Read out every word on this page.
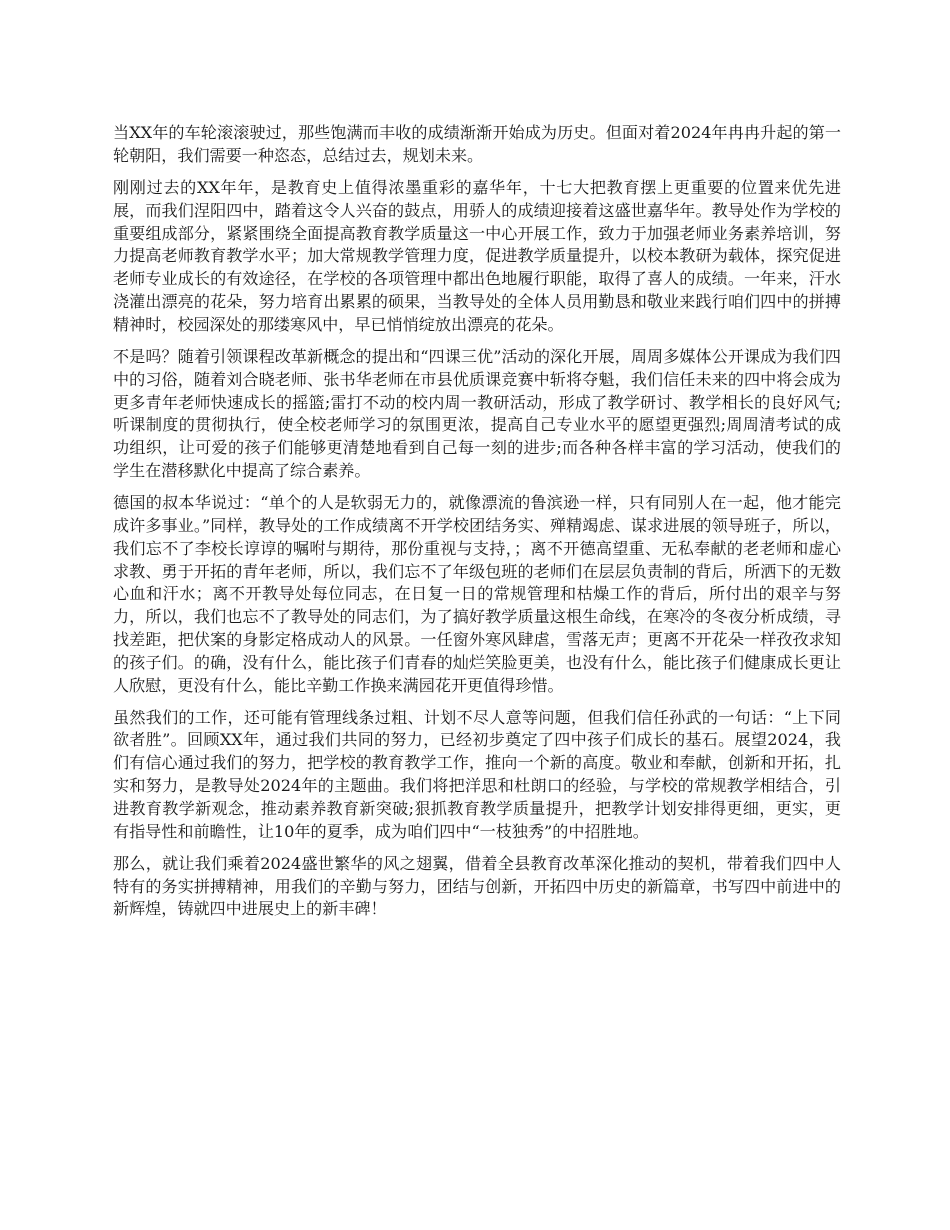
当XX年的车轮滚滚驶过，那些饱满而丰收的成绩渐渐开始成为历史。但面对着2024年冉冉升起的第一轮朝阳，我们需要一种恣态，总结过去，规划未来。

刚刚过去的XX年年，是教育史上值得浓墨重彩的嘉华年，十七大把教育摆上更重要的位置来优先进展，而我们涅阳四中，踏着这令人兴奋的鼓点，用骄人的成绩迎接着这盛世嘉华年。教导处作为学校的重要组成部分，紧紧围绕全面提高教育教学质量这一中心开展工作，致力于加强老师业务素养培训，努力提高老师教育教学水平；加大常规教学管理力度，促进教学质量提升，以校本教研为载体，探究促进老师专业成长的有效途径，在学校的各项管理中都出色地履行职能，取得了喜人的成绩。一年来，汗水浇灌出漂亮的花朵，努力培育出累累的硕果，当教导处的全体人员用勤恳和敬业来践行咱们四中的拼搏精神时，校园深处的那缕寒风中，早已悄悄绽放出漂亮的花朵。

不是吗？随着引领课程改革新概念的提出和“四课三优”活动的深化开展，周周多媒体公开课成为我们四中的习俗，随着刘合晓老师、张书华老师在市县优质课竞赛中斩将夺魁，我们信任未来的四中将会成为更多青年老师快速成长的摇篮;雷打不动的校内周一教研活动，形成了教学研讨、教学相长的良好风气;听课制度的贯彻执行，使全校老师学习的氛围更浓，提高自己专业水平的愿望更强烈;周周清考试的成功组织，让可爱的孩子们能够更清楚地看到自己每一刻的进步;而各种各样丰富的学习活动，使我们的学生在潜移默化中提高了综合素养。

德国的叔本华说过：“单个的人是软弱无力的，就像漂流的鲁滨逊一样，只有同别人在一起，他才能完成许多事业。”同样，教导处的工作成绩离不开学校团结务实、殚精竭虑、谋求进展的领导班子，所以，我们忘不了李校长谆谆的嘱咐与期待，那份重视与支持，；离不开德高望重、无私奉献的老老师和虚心求教、勇于开拓的青年老师，所以，我们忘不了年级包班的老师们在层层负责制的背后，所洒下的无数心血和汗水；离不开教导处每位同志，在日复一日的常规管理和枯燥工作的背后，所付出的艰辛与努力，所以，我们也忘不了教导处的同志们，为了搞好教学质量这根生命线，在寒冷的冬夜分析成绩，寻找差距，把伏案的身影定格成动人的风景。一任窗外寒风肆虐，雪落无声；更离不开花朵一样孜孜求知的孩子们。的确，没有什么，能比孩子们青春的灿烂笑脸更美，也没有什么，能比孩子们健康成长更让人欣慰，更没有什么，能比辛勤工作换来满园花开更值得珍惜。

虽然我们的工作，还可能有管理线条过粗、计划不尽人意等问题，但我们信任孙武的一句话：“上下同欲者胜”。回顾XX年，通过我们共同的努力，已经初步奠定了四中孩子们成长的基石。展望2024，我们有信心通过我们的努力，把学校的教育教学工作，推向一个新的高度。敬业和奉献，创新和开拓，扎实和努力，是教导处2024年的主题曲。我们将把洋思和杜朗口的经验，与学校的常规教学相结合，引进教育教学新观念，推动素养教育新突破;狠抓教育教学质量提升，把教学计划安排得更细，更实，更有指导性和前瞻性，让10年的夏季，成为咱们四中“一枝独秀”的中招胜地。

那么，就让我们乘着2024盛世繁华的风之翅翼，借着全县教育改革深化推动的契机，带着我们四中人特有的务实拼搏精神，用我们的辛勤与努力，团结与创新，开拓四中历史的新篇章，书写四中前进中的新辉煌，铸就四中进展史上的新丰碑！
